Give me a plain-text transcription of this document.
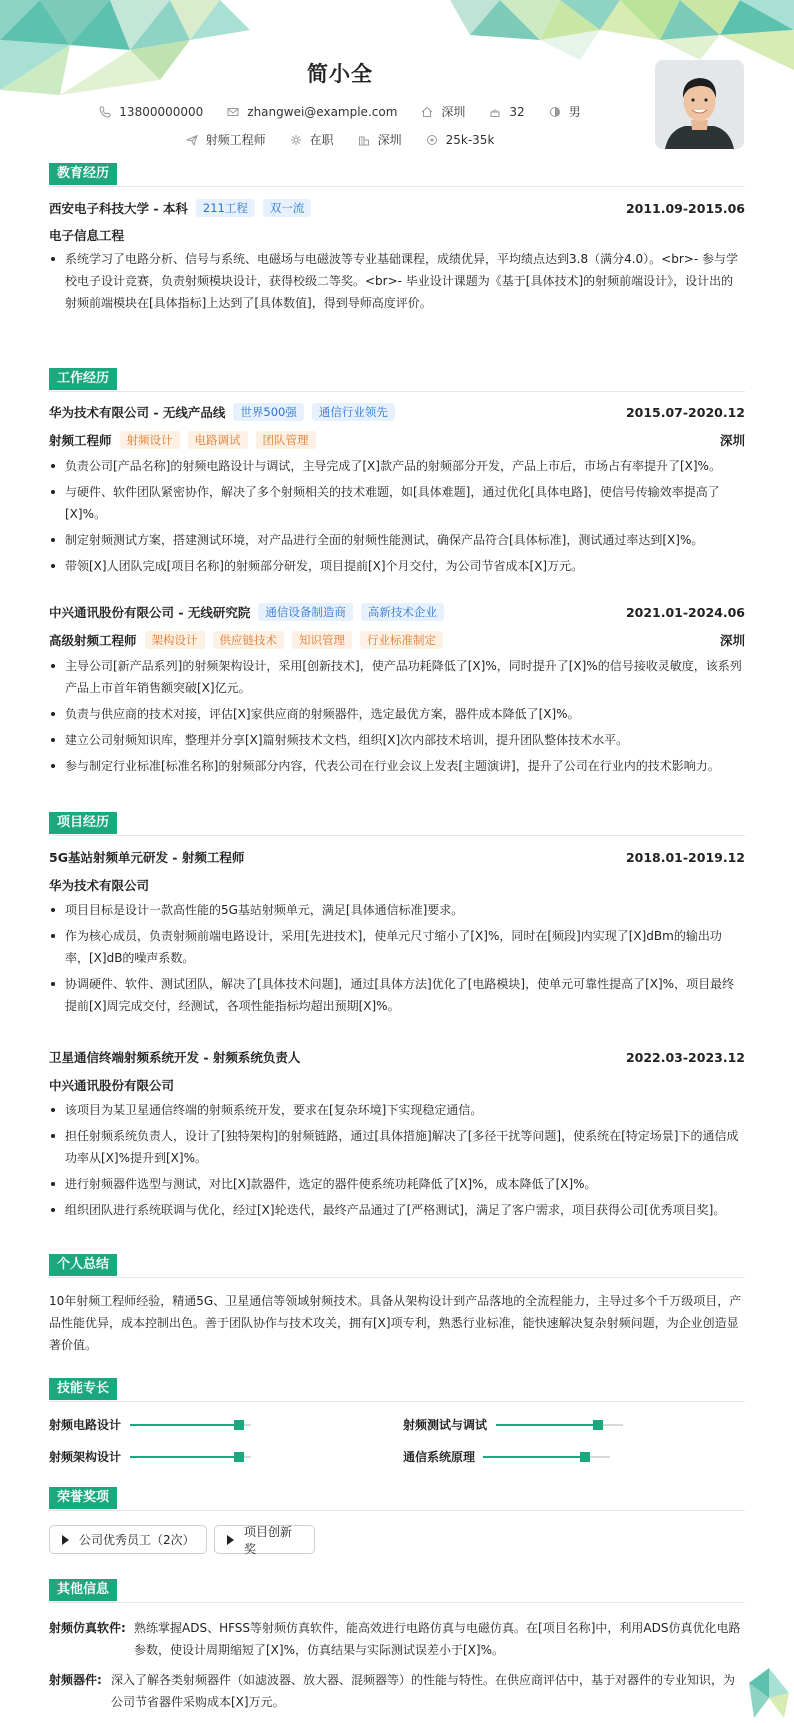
简小全
13800000000	zhangwei@example.com	深圳	32	男
射频工程师	在职	深圳	25k-35k
教育经历
西安电子科技大学 - 本科	211工程	双一流	2011.09-2015.06
电子信息工程
系统学习了电路分析、信号与系统、电磁场与电磁波等专业基础课程，成绩优异，平均绩点达到3.8（满分4.0）。<br>- 参与学校电子设计竞赛，负责射频模块设计，获得校级二等奖。<br>- 毕业设计课题为《基于[具体技术]的射频前端设计》，设计出的射频前端模块在[具体指标]上达到了[具体数值]，得到导师高度评价。
工作经历
华为技术有限公司 - 无线产品线	世界500强	通信行业领先	2015.07-2020.12
射频工程师	射频设计	电路调试	团队管理	深圳
负责公司[产品名称]的射频电路设计与调试，主导完成了[X]款产品的射频部分开发，产品上市后，市场占有率提升了[X]%。
与硬件、软件团队紧密协作，解决了多个射频相关的技术难题，如[具体难题]，通过优化[具体电路]，使信号传输效率提高了[X]%。
制定射频测试方案，搭建测试环境，对产品进行全面的射频性能测试，确保产品符合[具体标准]，测试通过率达到[X]%。
带领[X]人团队完成[项目名称]的射频部分研发，项目提前[X]个月交付，为公司节省成本[X]万元。
中兴通讯股份有限公司 - 无线研究院	通信设备制造商	高新技术企业	2021.01-2024.06
高级射频工程师	架构设计	供应链技术	知识管理	行业标准制定	深圳
主导公司[新产品系列]的射频架构设计，采用[创新技术]，使产品功耗降低了[X]%，同时提升了[X]%的信号接收灵敏度，该系列产品上市首年销售额突破[X]亿元。
负责与供应商的技术对接，评估[X]家供应商的射频器件，选定最优方案，器件成本降低了[X]%。
建立公司射频知识库，整理并分享[X]篇射频技术文档，组织[X]次内部技术培训，提升团队整体技术水平。
参与制定行业标准[标准名称]的射频部分内容，代表公司在行业会议上发表[主题演讲]，提升了公司在行业内的技术影响力。
项目经历
5G基站射频单元研发 - 射频工程师	2018.01-2019.12
华为技术有限公司
项目目标是设计一款高性能的5G基站射频单元，满足[具体通信标准]要求。
作为核心成员，负责射频前端电路设计，采用[先进技术]，使单元尺寸缩小了[X]%，同时在[频段]内实现了[X]dBm的输出功率，[X]dB的噪声系数。
协调硬件、软件、测试团队，解决了[具体技术问题]，通过[具体方法]优化了[电路模块]，使单元可靠性提高了[X]%，项目最终提前[X]周完成交付，经测试，各项性能指标均超出预期[X]%。
卫星通信终端射频系统开发 - 射频系统负责人	2022.03-2023.12
中兴通讯股份有限公司
该项目为某卫星通信终端的射频系统开发，要求在[复杂环境]下实现稳定通信。
担任射频系统负责人，设计了[独特架构]的射频链路，通过[具体措施]解决了[多径干扰等问题]，使系统在[特定场景]下的通信成功率从[X]%提升到[X]%。
进行射频器件选型与测试，对比[X]款器件，选定的器件使系统功耗降低了[X]%，成本降低了[X]%。
组织团队进行系统联调与优化，经过[X]轮迭代，最终产品通过了[严格测试]，满足了客户需求，项目获得公司[优秀项目奖]。
个人总结
10年射频工程师经验，精通5G、卫星通信等领域射频技术。具备从架构设计到产品落地的全流程能力，主导过多个千万级项目，产品性能优异，成本控制出色。善于团队协作与技术攻关，拥有[X]项专利，熟悉行业标准，能快速解决复杂射频问题，为企业创造显著价值。
技能专长
射频电路设计	射频测试与调试
射频架构设计	通信系统原理
荣誉奖项
公司优秀员工（2次）
项目创新奖
其他信息
射频仿真软件: 熟练掌握ADS、HFSS等射频仿真软件，能高效进行电路仿真与电磁仿真。在[项目名称]中，利用ADS仿真优化电路参数，使设计周期缩短了[X]%，仿真结果与实际测试误差小于[X]%。
射频器件: 深入了解各类射频器件（如滤波器、放大器、混频器等）的性能与特性。在供应商评估中，基于对器件的专业知识，为公司节省器件采购成本[X]万元。
